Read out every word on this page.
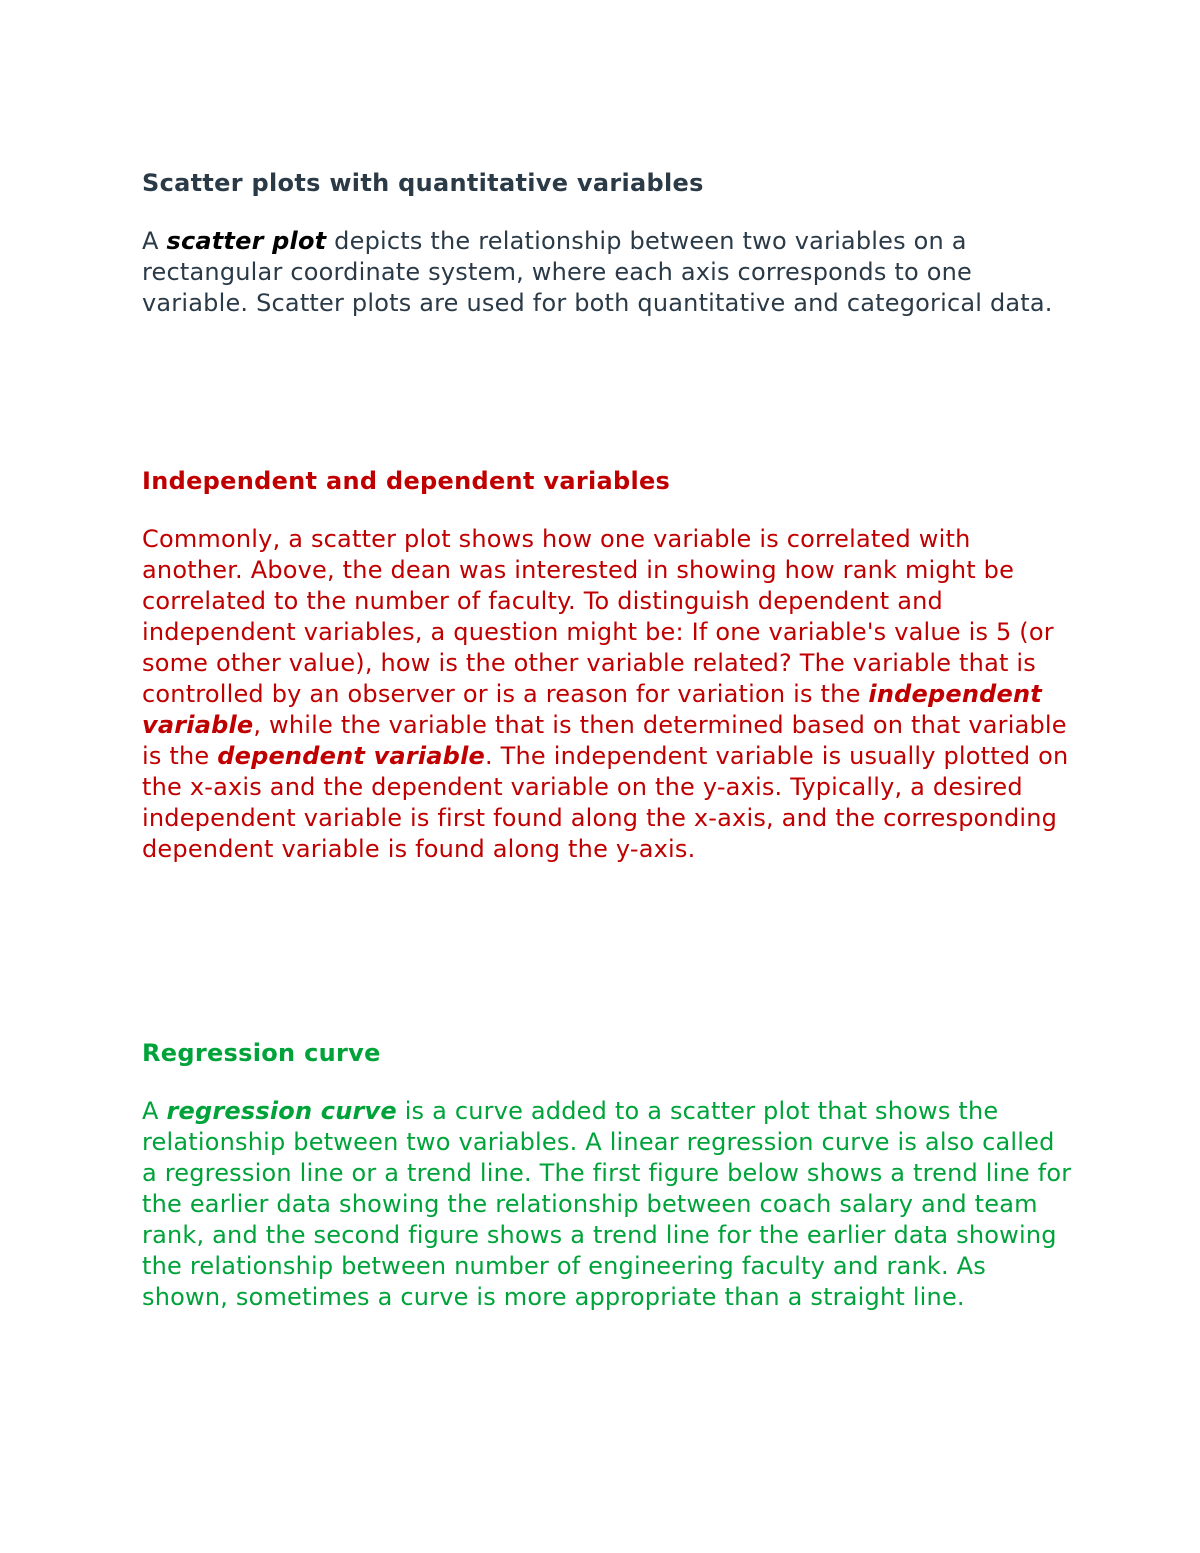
Scatter plots with quantitative variables

A scatter plot depicts the relationship between two variables on a rectangular coordinate system, where each axis corresponds to one variable. Scatter plots are used for both quantitative and categorical data.

Independent and dependent variables

Commonly, a scatter plot shows how one variable is correlated with another. Above, the dean was interested in showing how rank might be correlated to the number of faculty. To distinguish dependent and independent variables, a question might be: If one variable's value is 5 (or some other value), how is the other variable related? The variable that is controlled by an observer or is a reason for variation is the independent variable, while the variable that is then determined based on that variable is the dependent variable. The independent variable is usually plotted on the x-axis and the dependent variable on the y-axis. Typically, a desired independent variable is first found along the x-axis, and the corresponding dependent variable is found along the y-axis.

Regression curve

A regression curve is a curve added to a scatter plot that shows the relationship between two variables. A linear regression curve is also called a regression line or a trend line. The first figure below shows a trend line for the earlier data showing the relationship between coach salary and team rank, and the second figure shows a trend line for the earlier data showing the relationship between number of engineering faculty and rank. As shown, sometimes a curve is more appropriate than a straight line.
